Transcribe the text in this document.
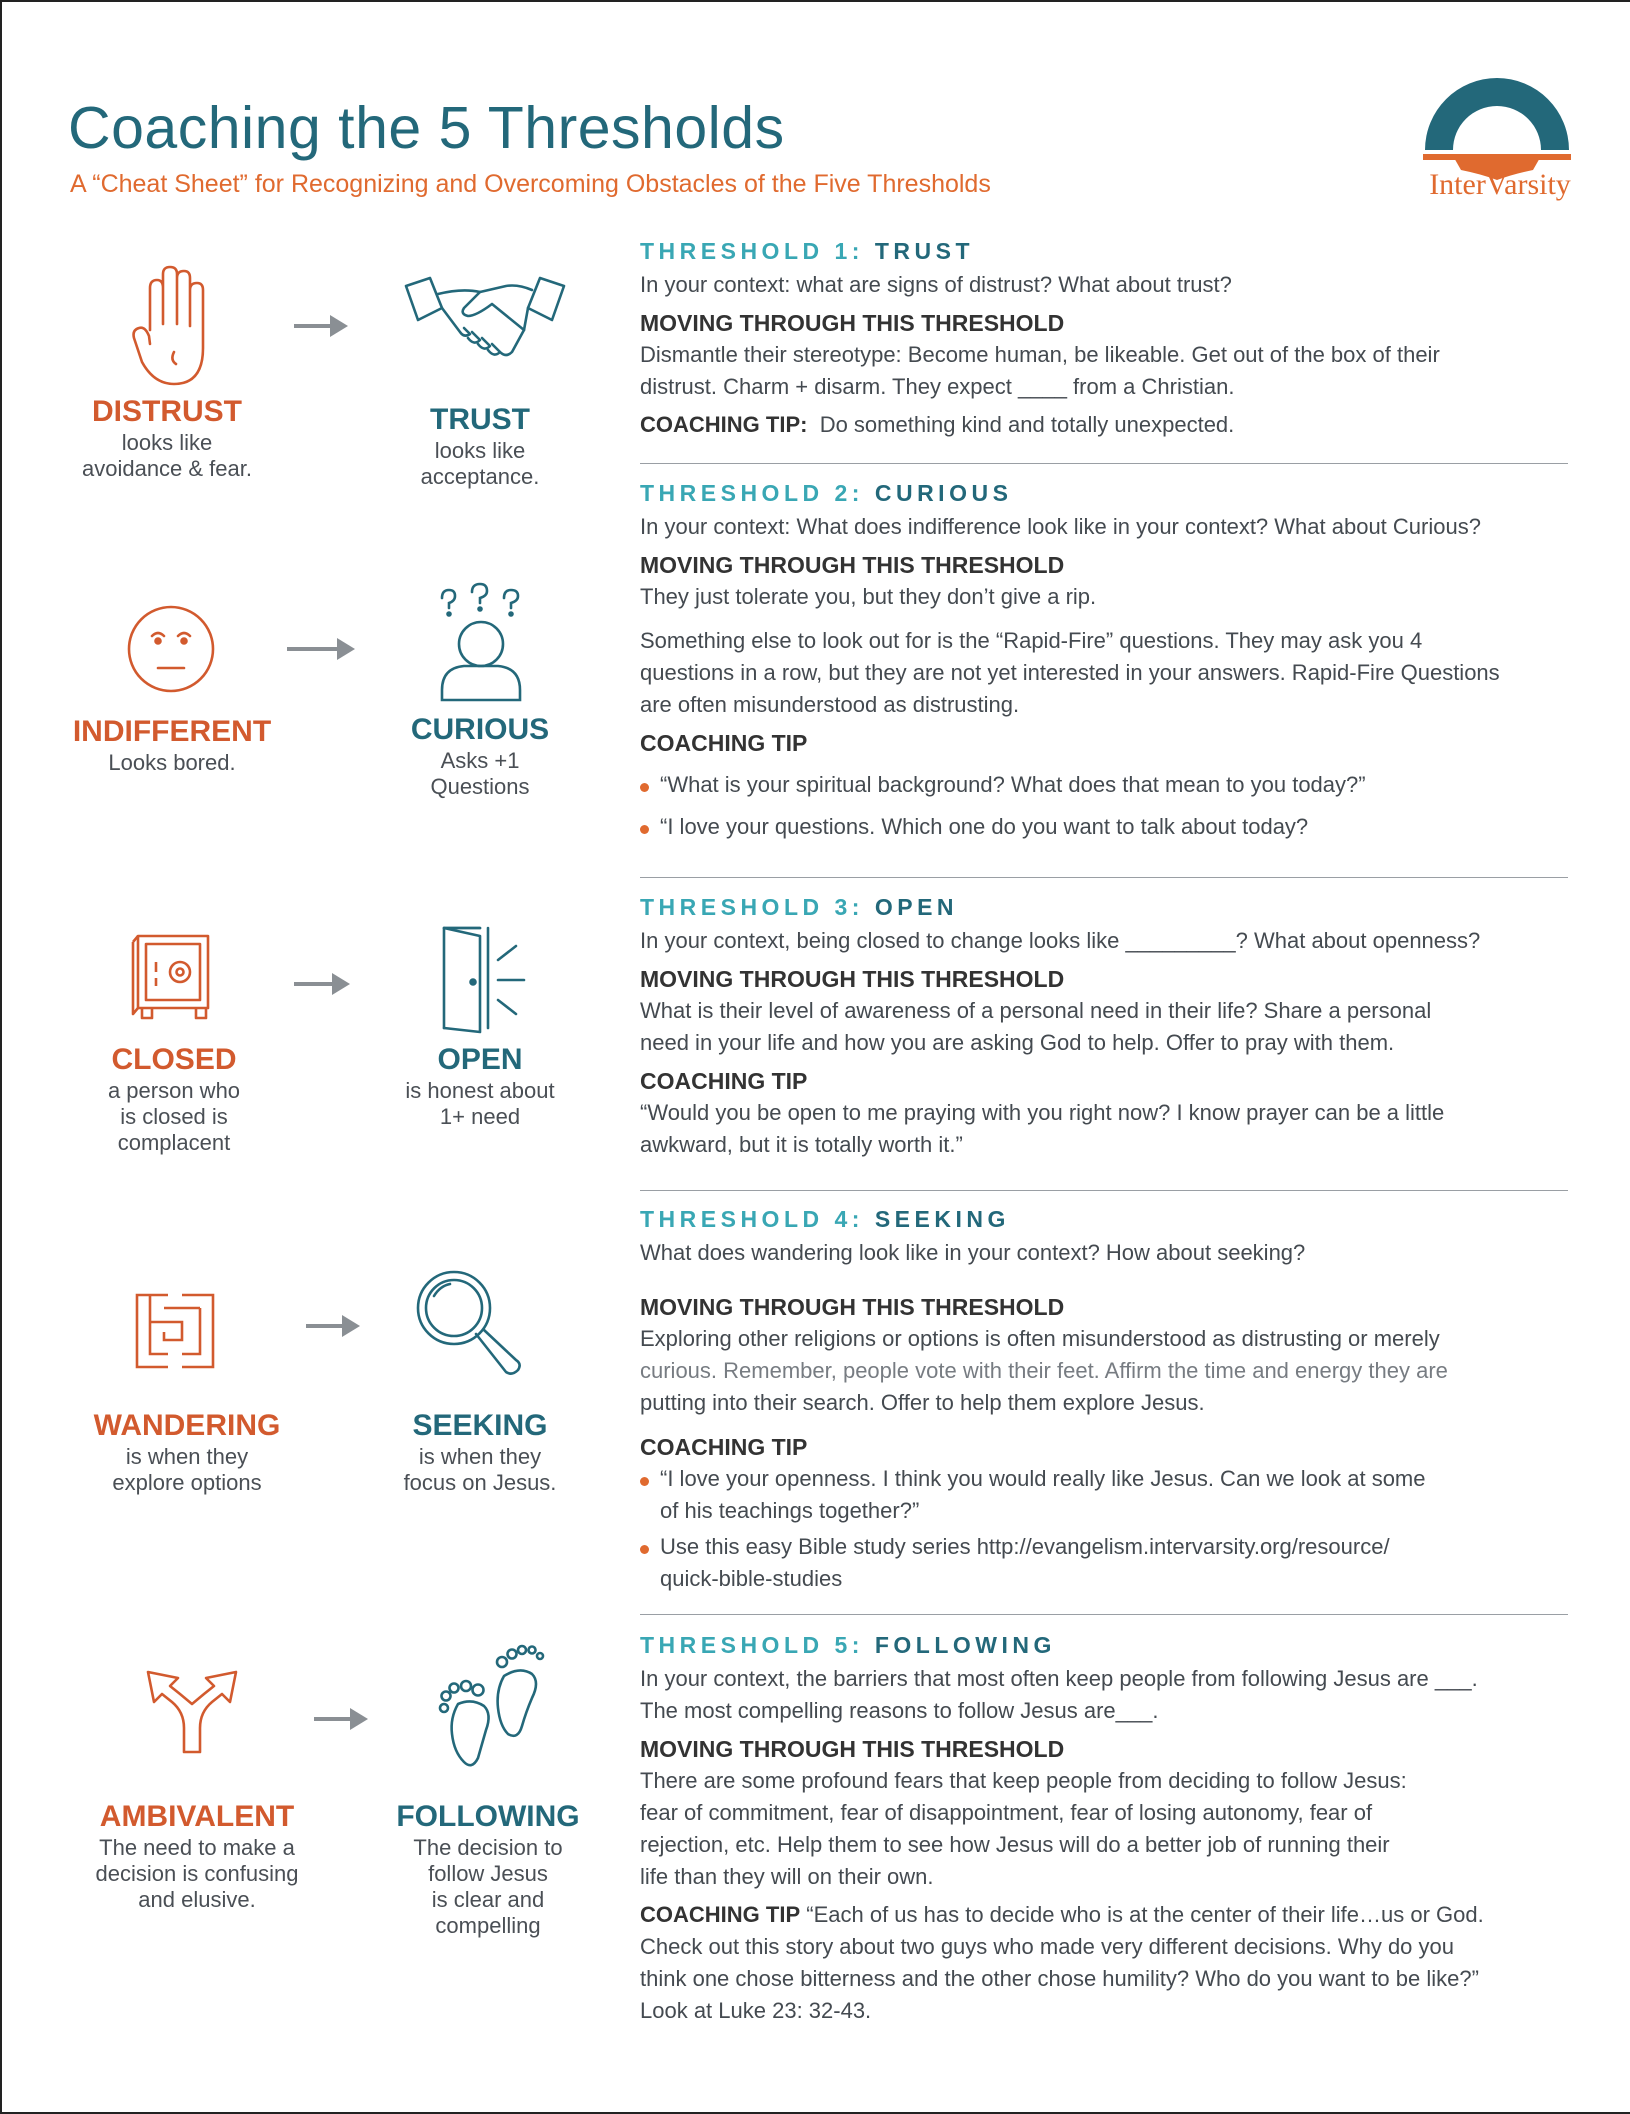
Coaching the 5 Thresholds
A “Cheat Sheet” for Recognizing and Overcoming Obstacles of the Five Thresholds	InterVarsity
DISTRUST
looks like
avoidance & fear.
TRUST
looks like
acceptance.
INDIFFERENT
Looks bored.
CURIOUS
Asks +1
Questions
CLOSED
a person who
is closed is
complacent
OPEN
is honest about
1+ need
WANDERING
is when they
explore options
SEEKING
is when they
focus on Jesus.
AMBIVALENT
The need to make a
decision is confusing
and elusive.
FOLLOWING
The decision to
follow Jesus
is clear and
compelling
THRESHOLD 1: TRUST

In your context: what are signs of distrust? What about trust?

MOVING THROUGH THIS THRESHOLD

Dismantle their stereotype: Become human, be likeable. Get out of the box of their

distrust. Charm + disarm. They expect ____ from a Christian.

COACHING TIP: Do something kind and totally unexpected.

THRESHOLD 2: CURIOUS

In your context: What does indifference look like in your context? What about Curious?

MOVING THROUGH THIS THRESHOLD

They just tolerate you, but they don’t give a rip.

Something else to look out for is the “Rapid-Fire” questions. They may ask you 4

questions in a row, but they are not yet interested in your answers. Rapid-Fire Questions

are often misunderstood as distrusting.

COACHING TIP

“What is your spiritual background? What does that mean to you today?”

“I love your questions. Which one do you want to talk about today?

THRESHOLD 3: OPEN

In your context, being closed to change looks like _________? What about openness?

MOVING THROUGH THIS THRESHOLD

What is their level of awareness of a personal need in their life? Share a personal

need in your life and how you are asking God to help. Offer to pray with them.

COACHING TIP

“Would you be open to me praying with you right now? I know prayer can be a little

awkward, but it is totally worth it.”

THRESHOLD 4: SEEKING

What does wandering look like in your context? How about seeking?

MOVING THROUGH THIS THRESHOLD

Exploring other religions or options is often misunderstood as distrusting or merely

curious. Remember, people vote with their feet. Affirm the time and energy they are

putting into their search. Offer to help them explore Jesus.

COACHING TIP

“I love your openness. I think you would really like Jesus. Can we look at some

of his teachings together?”

Use this easy Bible study series http://evangelism.intervarsity.org/resource/

quick-bible-studies

THRESHOLD 5: FOLLOWING

In your context, the barriers that most often keep people from following Jesus are ___.

The most compelling reasons to follow Jesus are___.

MOVING THROUGH THIS THRESHOLD

There are some profound fears that keep people from deciding to follow Jesus:

fear of commitment, fear of disappointment, fear of losing autonomy, fear of

rejection, etc. Help them to see how Jesus will do a better job of running their

life than they will on their own.

COACHING TIP “Each of us has to decide who is at the center of their life…us or God.

Check out this story about two guys who made very different decisions. Why do you

think one chose bitterness and the other chose humility? Who do you want to be like?”

Look at Luke 23: 32-43.
